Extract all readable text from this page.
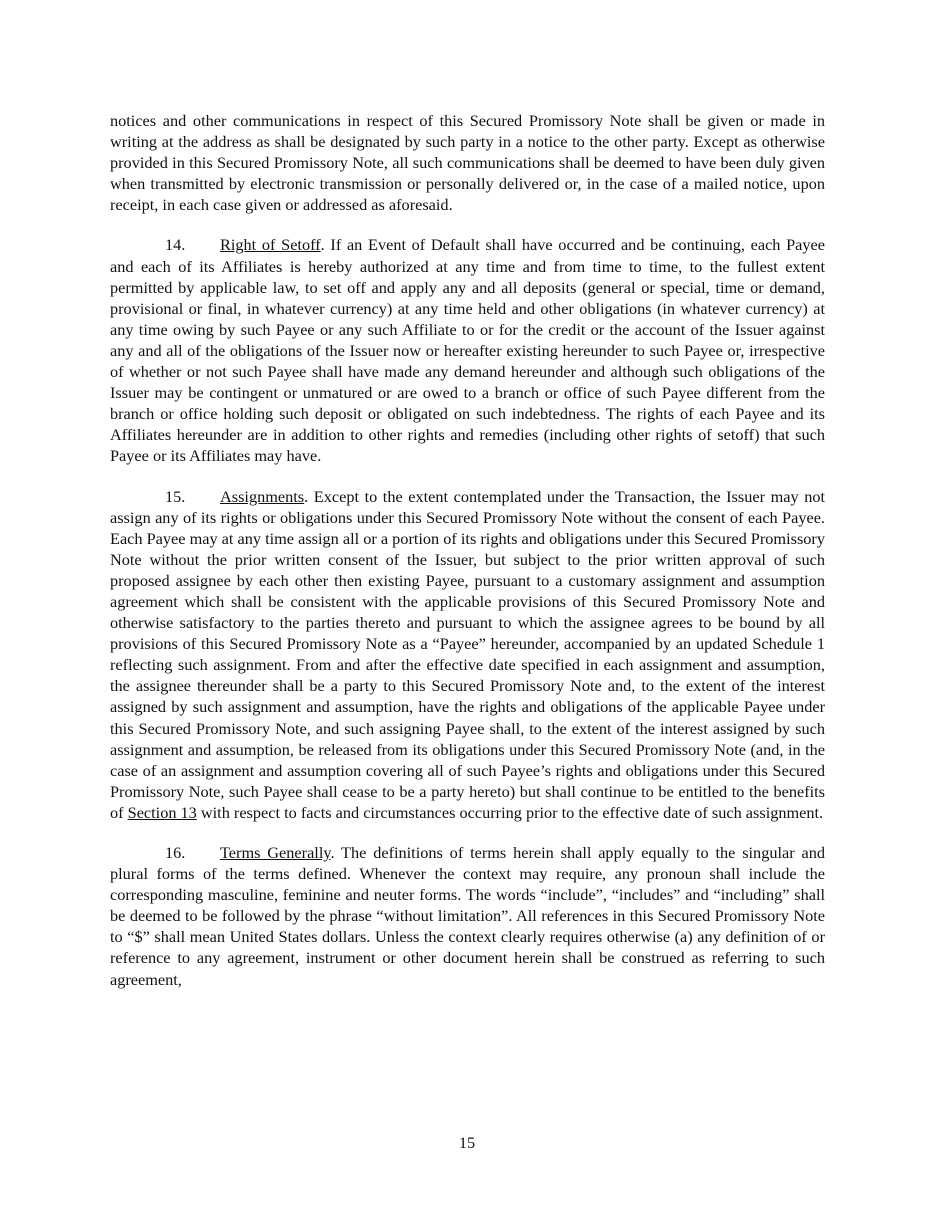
notices and other communications in respect of this Secured Promissory Note shall be given or made in writing at the address as shall be designated by such party in a notice to the other party. Except as otherwise provided in this Secured Promissory Note, all such communications shall be deemed to have been duly given when transmitted by electronic transmission or personally delivered or, in the case of a mailed notice, upon receipt, in each case given or addressed as aforesaid.

14. Right of Setoff. If an Event of Default shall have occurred and be continuing, each Payee and each of its Affiliates is hereby authorized at any time and from time to time, to the fullest extent permitted by applicable law, to set off and apply any and all deposits (general or special, time or demand, provisional or final, in whatever currency) at any time held and other obligations (in whatever currency) at any time owing by such Payee or any such Affiliate to or for the credit or the account of the Issuer against any and all of the obligations of the Issuer now or hereafter existing hereunder to such Payee or, irrespective of whether or not such Payee shall have made any demand hereunder and although such obligations of the Issuer may be contingent or unmatured or are owed to a branch or office of such Payee different from the branch or office holding such deposit or obligated on such indebtedness. The rights of each Payee and its Affiliates hereunder are in addition to other rights and remedies (including other rights of setoff) that such Payee or its Affiliates may have.

15. Assignments. Except to the extent contemplated under the Transaction, the Issuer may not assign any of its rights or obligations under this Secured Promissory Note without the consent of each Payee. Each Payee may at any time assign all or a portion of its rights and obligations under this Secured Promissory Note without the prior written consent of the Issuer, but subject to the prior written approval of such proposed assignee by each other then existing Payee, pursuant to a customary assignment and assumption agreement which shall be consistent with the applicable provisions of this Secured Promissory Note and otherwise satisfactory to the parties thereto and pursuant to which the assignee agrees to be bound by all provisions of this Secured Promissory Note as a “Payee” hereunder, accompanied by an updated Schedule 1 reflecting such assignment. From and after the effective date specified in each assignment and assumption, the assignee thereunder shall be a party to this Secured Promissory Note and, to the extent of the interest assigned by such assignment and assumption, have the rights and obligations of the applicable Payee under this Secured Promissory Note, and such assigning Payee shall, to the extent of the interest assigned by such assignment and assumption, be released from its obligations under this Secured Promissory Note (and, in the case of an assignment and assumption covering all of such Payee’s rights and obligations under this Secured Promissory Note, such Payee shall cease to be a party hereto) but shall continue to be entitled to the benefits of Section 13 with respect to facts and circumstances occurring prior to the effective date of such assignment.

16. Terms Generally. The definitions of terms herein shall apply equally to the singular and plural forms of the terms defined. Whenever the context may require, any pronoun shall include the corresponding masculine, feminine and neuter forms. The words “include”, “includes” and “including” shall be deemed to be followed by the phrase “without limitation”. All references in this Secured Promissory Note to “$” shall mean United States dollars. Unless the context clearly requires otherwise (a) any definition of or reference to any agreement, instrument or other document herein shall be construed as referring to such agreement,

15
